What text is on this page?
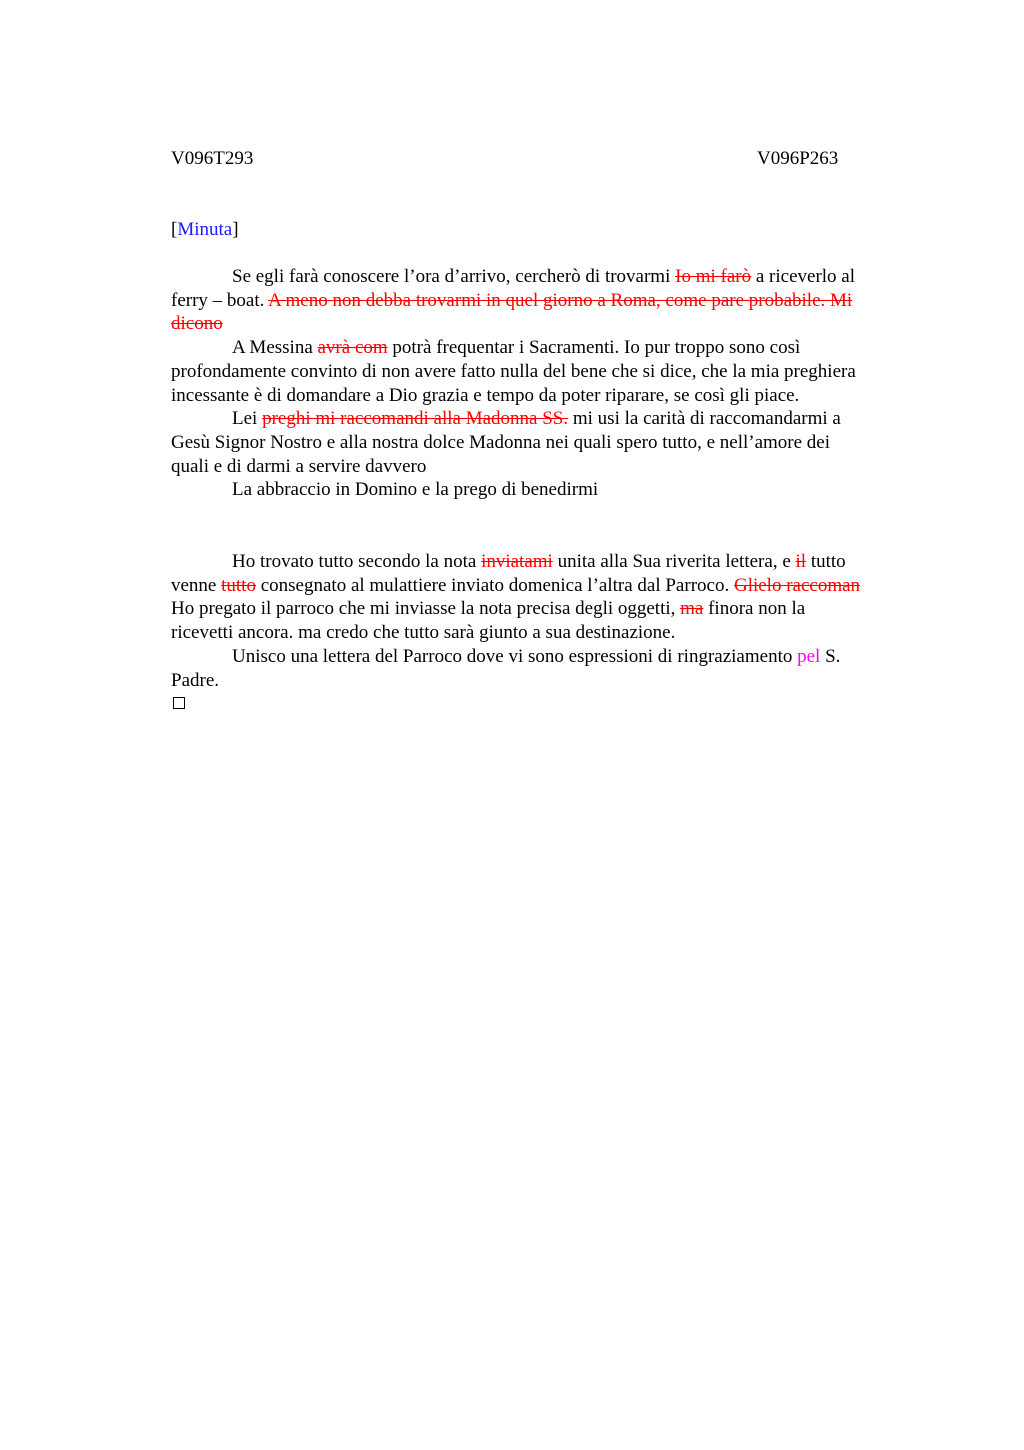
V096T293	V096P263
[Minuta]
Se egli farà conoscere l’ora d’arrivo, cercherò di trovarmi Io mi farò a riceverlo al
ferry – boat. A meno non debba trovarmi in quel giorno a Roma, come pare probabile. Mi
dicono
A Messina avrà com potrà frequentar i Sacramenti. Io pur troppo sono così
profondamente convinto di non avere fatto nulla del bene che si dice, che la mia preghiera
incessante è di domandare a Dio grazia e tempo da poter riparare, se così gli piace.
Lei preghi mi raccomandi alla Madonna SS. mi usi la carità di raccomandarmi a
Gesù Signor Nostro e alla nostra dolce Madonna nei quali spero tutto, e nell’amore dei
quali e di darmi a servire davvero
La abbraccio in Domino e la prego di benedirmi
Ho trovato tutto secondo la nota inviatami unita alla Sua riverita lettera, e il tutto
venne tutto consegnato al mulattiere inviato domenica l’altra dal Parroco. Glielo raccoman
Ho pregato il parroco che mi inviasse la nota precisa degli oggetti, ma finora non la
ricevetti ancora. ma credo che tutto sarà giunto a sua destinazione.
Unisco una lettera del Parroco dove vi sono espressioni di ringraziamento pel S.
Padre.
